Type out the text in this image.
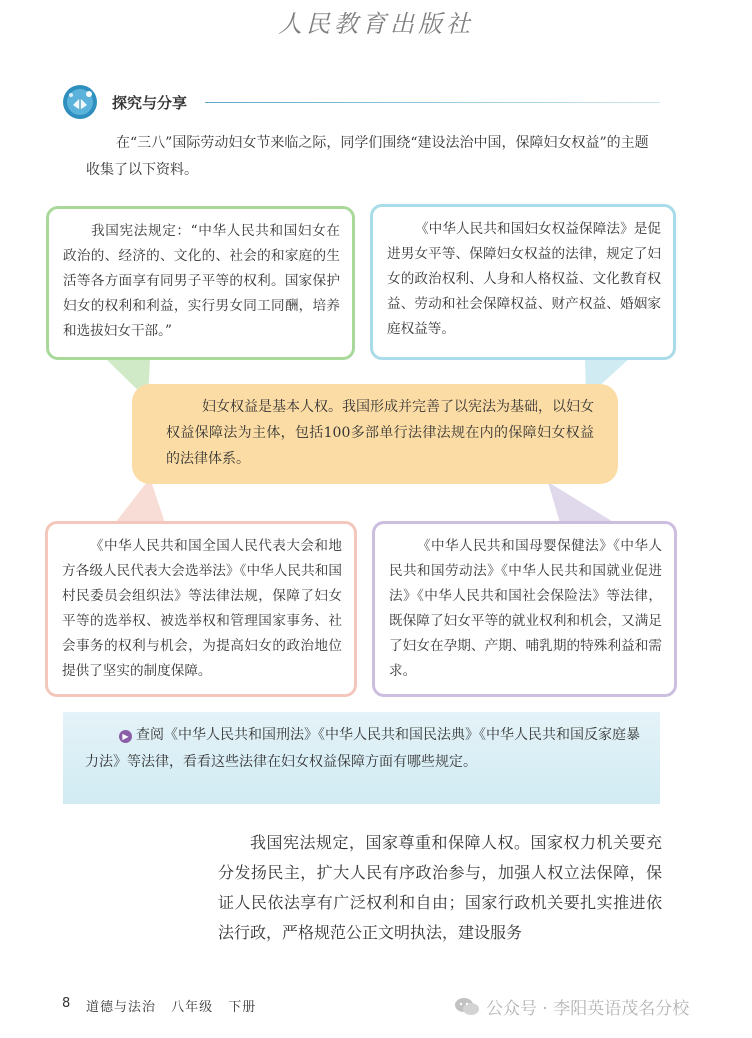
人民教育出版社
探究与分享
在“三八”国际劳动妇女节来临之际，同学们围绕“建设法治中国，保障妇女权益”的主题收集了以下资料。
我国宪法规定：“中华人民共和国妇女在政治的、经济的、文化的、社会的和家庭的生活等各方面享有同男子平等的权利。国家保护妇女的权利和利益，实行男女同工同酬，培养和选拔妇女干部。”
《中华人民共和国妇女权益保障法》是促进男女平等、保障妇女权益的法律，规定了妇女的政治权利、人身和人格权益、文化教育权益、劳动和社会保障权益、财产权益、婚姻家庭权益等。
妇女权益是基本人权。我国形成并完善了以宪法为基础，以妇女权益保障法为主体，包括100多部单行法律法规在内的保障妇女权益的法律体系。
《中华人民共和国全国人民代表大会和地方各级人民代表大会选举法》《中华人民共和国村民委员会组织法》等法律法规，保障了妇女平等的选举权、被选举权和管理国家事务、社会事务的权利与机会，为提高妇女的政治地位提供了坚实的制度保障。
《中华人民共和国母婴保健法》《中华人民共和国劳动法》《中华人民共和国就业促进法》《中华人民共和国社会保险法》等法律，既保障了妇女平等的就业权利和机会，又满足了妇女在孕期、产期、哺乳期的特殊利益和需求。
▶ 查阅《中华人民共和国刑法》《中华人民共和国民法典》《中华人民共和国反家庭暴力法》等法律，看看这些法律在妇女权益保障方面有哪些规定。
我国宪法规定，国家尊重和保障人权。国家权力机关要充分发扬民主，扩大人民有序政治参与，加强人权立法保障，保证人民依法享有广泛权利和自由；国家行政机关要扎实推进依法行政，严格规范公正文明执法，建设服务
8 道德与法治 八年级 下册	公众号 · 李阳英语茂名分校
